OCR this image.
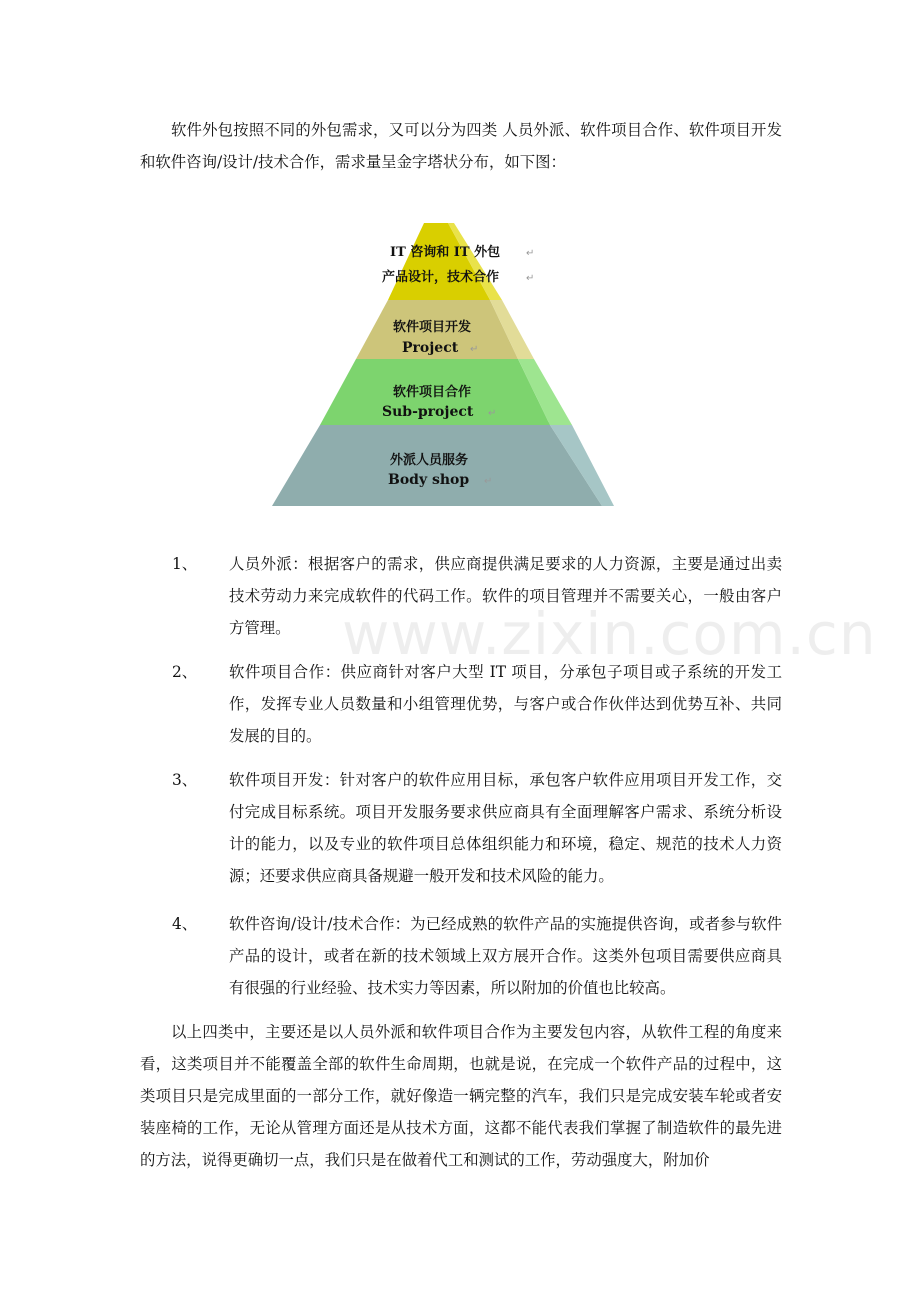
软件外包按照不同的外包需求，又可以分为四类 人员外派、软件项目合作、软件项目开发和软件咨询/设计/技术合作，需求量呈金字塔状分布，如下图：

IT 咨询和 IT 外包	↵
产品设计，技术合作	↵
软件项目开发
Project ↵
软件项目合作
Sub-project ↵
外派人员服务
Body shop ↵
1、 人员外派：根据客户的需求，供应商提供满足要求的人力资源，主要是通过出卖技术劳动力来完成软件的代码工作。软件的项目管理并不需要关心，一般由客户方管理。

2、 软件项目合作：供应商针对客户大型 IT 项目，分承包子项目或子系统的开发工作，发挥专业人员数量和小组管理优势，与客户或合作伙伴达到优势互补、共同发展的目的。

3、 软件项目开发：针对客户的软件应用目标，承包客户软件应用项目开发工作，交付完成目标系统。项目开发服务要求供应商具有全面理解客户需求、系统分析设计的能力，以及专业的软件项目总体组织能力和环境，稳定、规范的技术人力资源；还要求供应商具备规避一般开发和技术风险的能力。

4、 软件咨询/设计/技术合作：为已经成熟的软件产品的实施提供咨询，或者参与软件产品的设计，或者在新的技术领域上双方展开合作。这类外包项目需要供应商具有很强的行业经验、技术实力等因素，所以附加的价值也比较高。

以上四类中，主要还是以人员外派和软件项目合作为主要发包内容，从软件工程的角度来看，这类项目并不能覆盖全部的软件生命周期，也就是说，在完成一个软件产品的过程中，这类项目只是完成里面的一部分工作，就好像造一辆完整的汽车，我们只是完成安装车轮或者安装座椅的工作，无论从管理方面还是从技术方面，这都不能代表我们掌握了制造软件的最先进的方法，说得更确切一点，我们只是在做着代工和测试的工作，劳动强度大，附加价

www.zixin.com.cn
